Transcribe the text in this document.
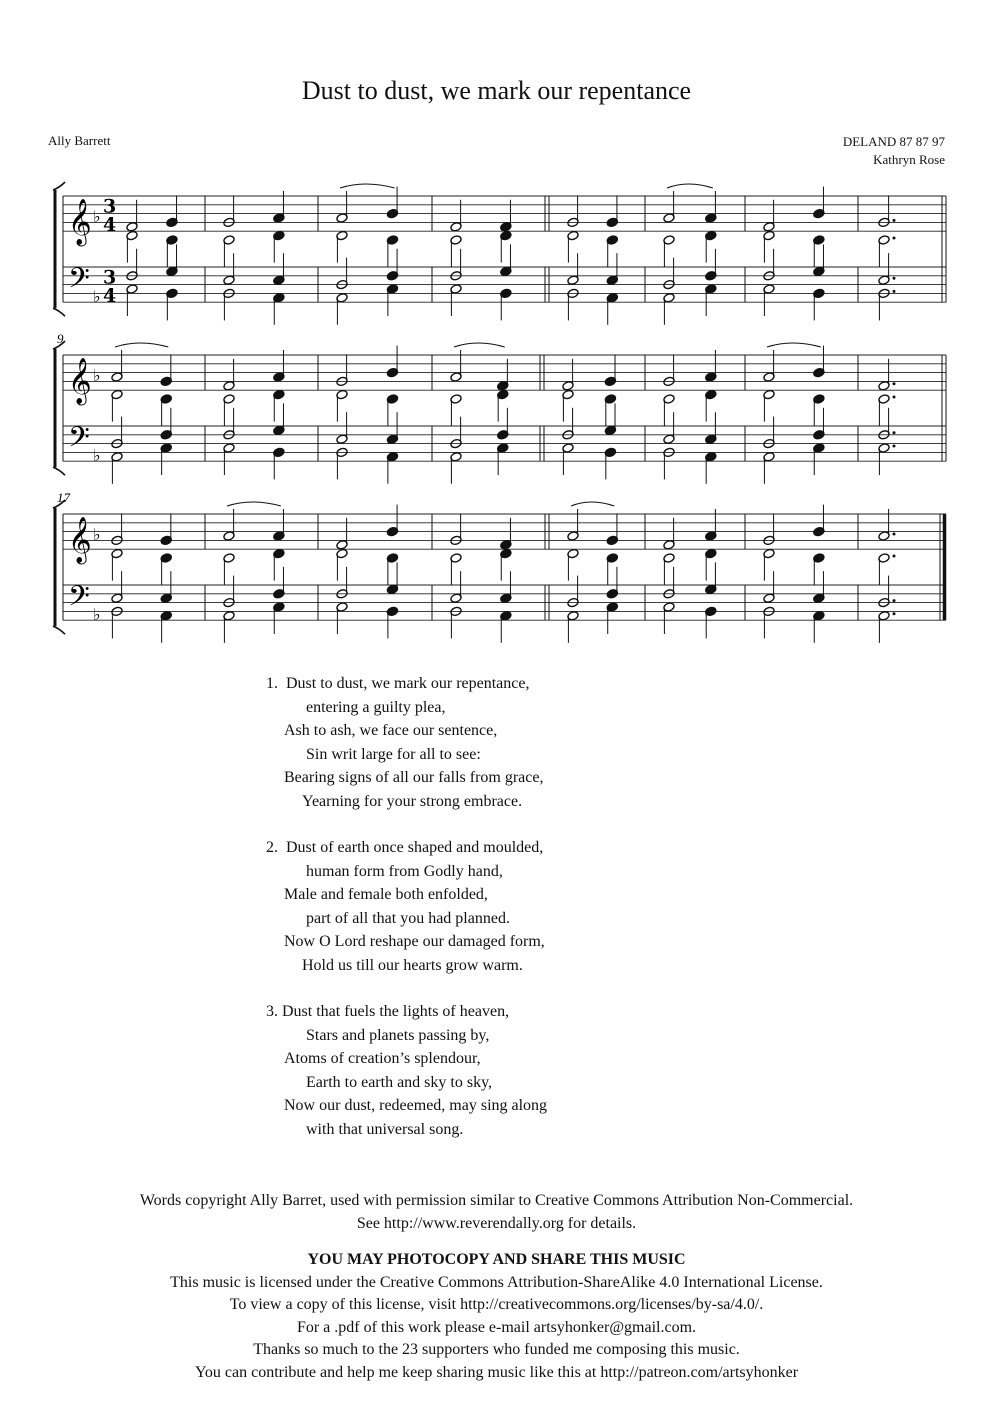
Dust to dust, we mark our repentance
Ally Barrett	DELAND 87 87 97
Kathryn Rose
𝄞
𝄢
♭
♭
3
4
3
4
𝄞
𝄢
♭
♭
9
𝄞
𝄢
♭
♭
17
1.  Dust to dust, we mark our repentance,
entering a guilty plea,
Ash to ash, we face our sentence,
Sin writ large for all to see:
Bearing signs of all our falls from grace,
Yearning for your strong embrace.
2.  Dust of earth once shaped and moulded,
human form from Godly hand,
Male and female both enfolded,
part of all that you had planned.
Now O Lord reshape our damaged form,
Hold us till our hearts grow warm.
3. Dust that fuels the lights of heaven,
Stars and planets passing by,
Atoms of creation’s splendour,
Earth to earth and sky to sky,
Now our dust, redeemed, may sing along
with that universal song.
Words copyright Ally Barret, used with permission similar to Creative Commons Attribution Non-Commercial.
See http://www.reverendally.org for details.
YOU MAY PHOTOCOPY AND SHARE THIS MUSIC
This music is licensed under the Creative Commons Attribution-ShareAlike 4.0 International License.
To view a copy of this license, visit http://creativecommons.org/licenses/by-sa/4.0/.
For a .pdf of this work please e-mail artsyhonker@gmail.com.
Thanks so much to the 23 supporters who funded me composing this music.
You can contribute and help me keep sharing music like this at http://patreon.com/artsyhonker
